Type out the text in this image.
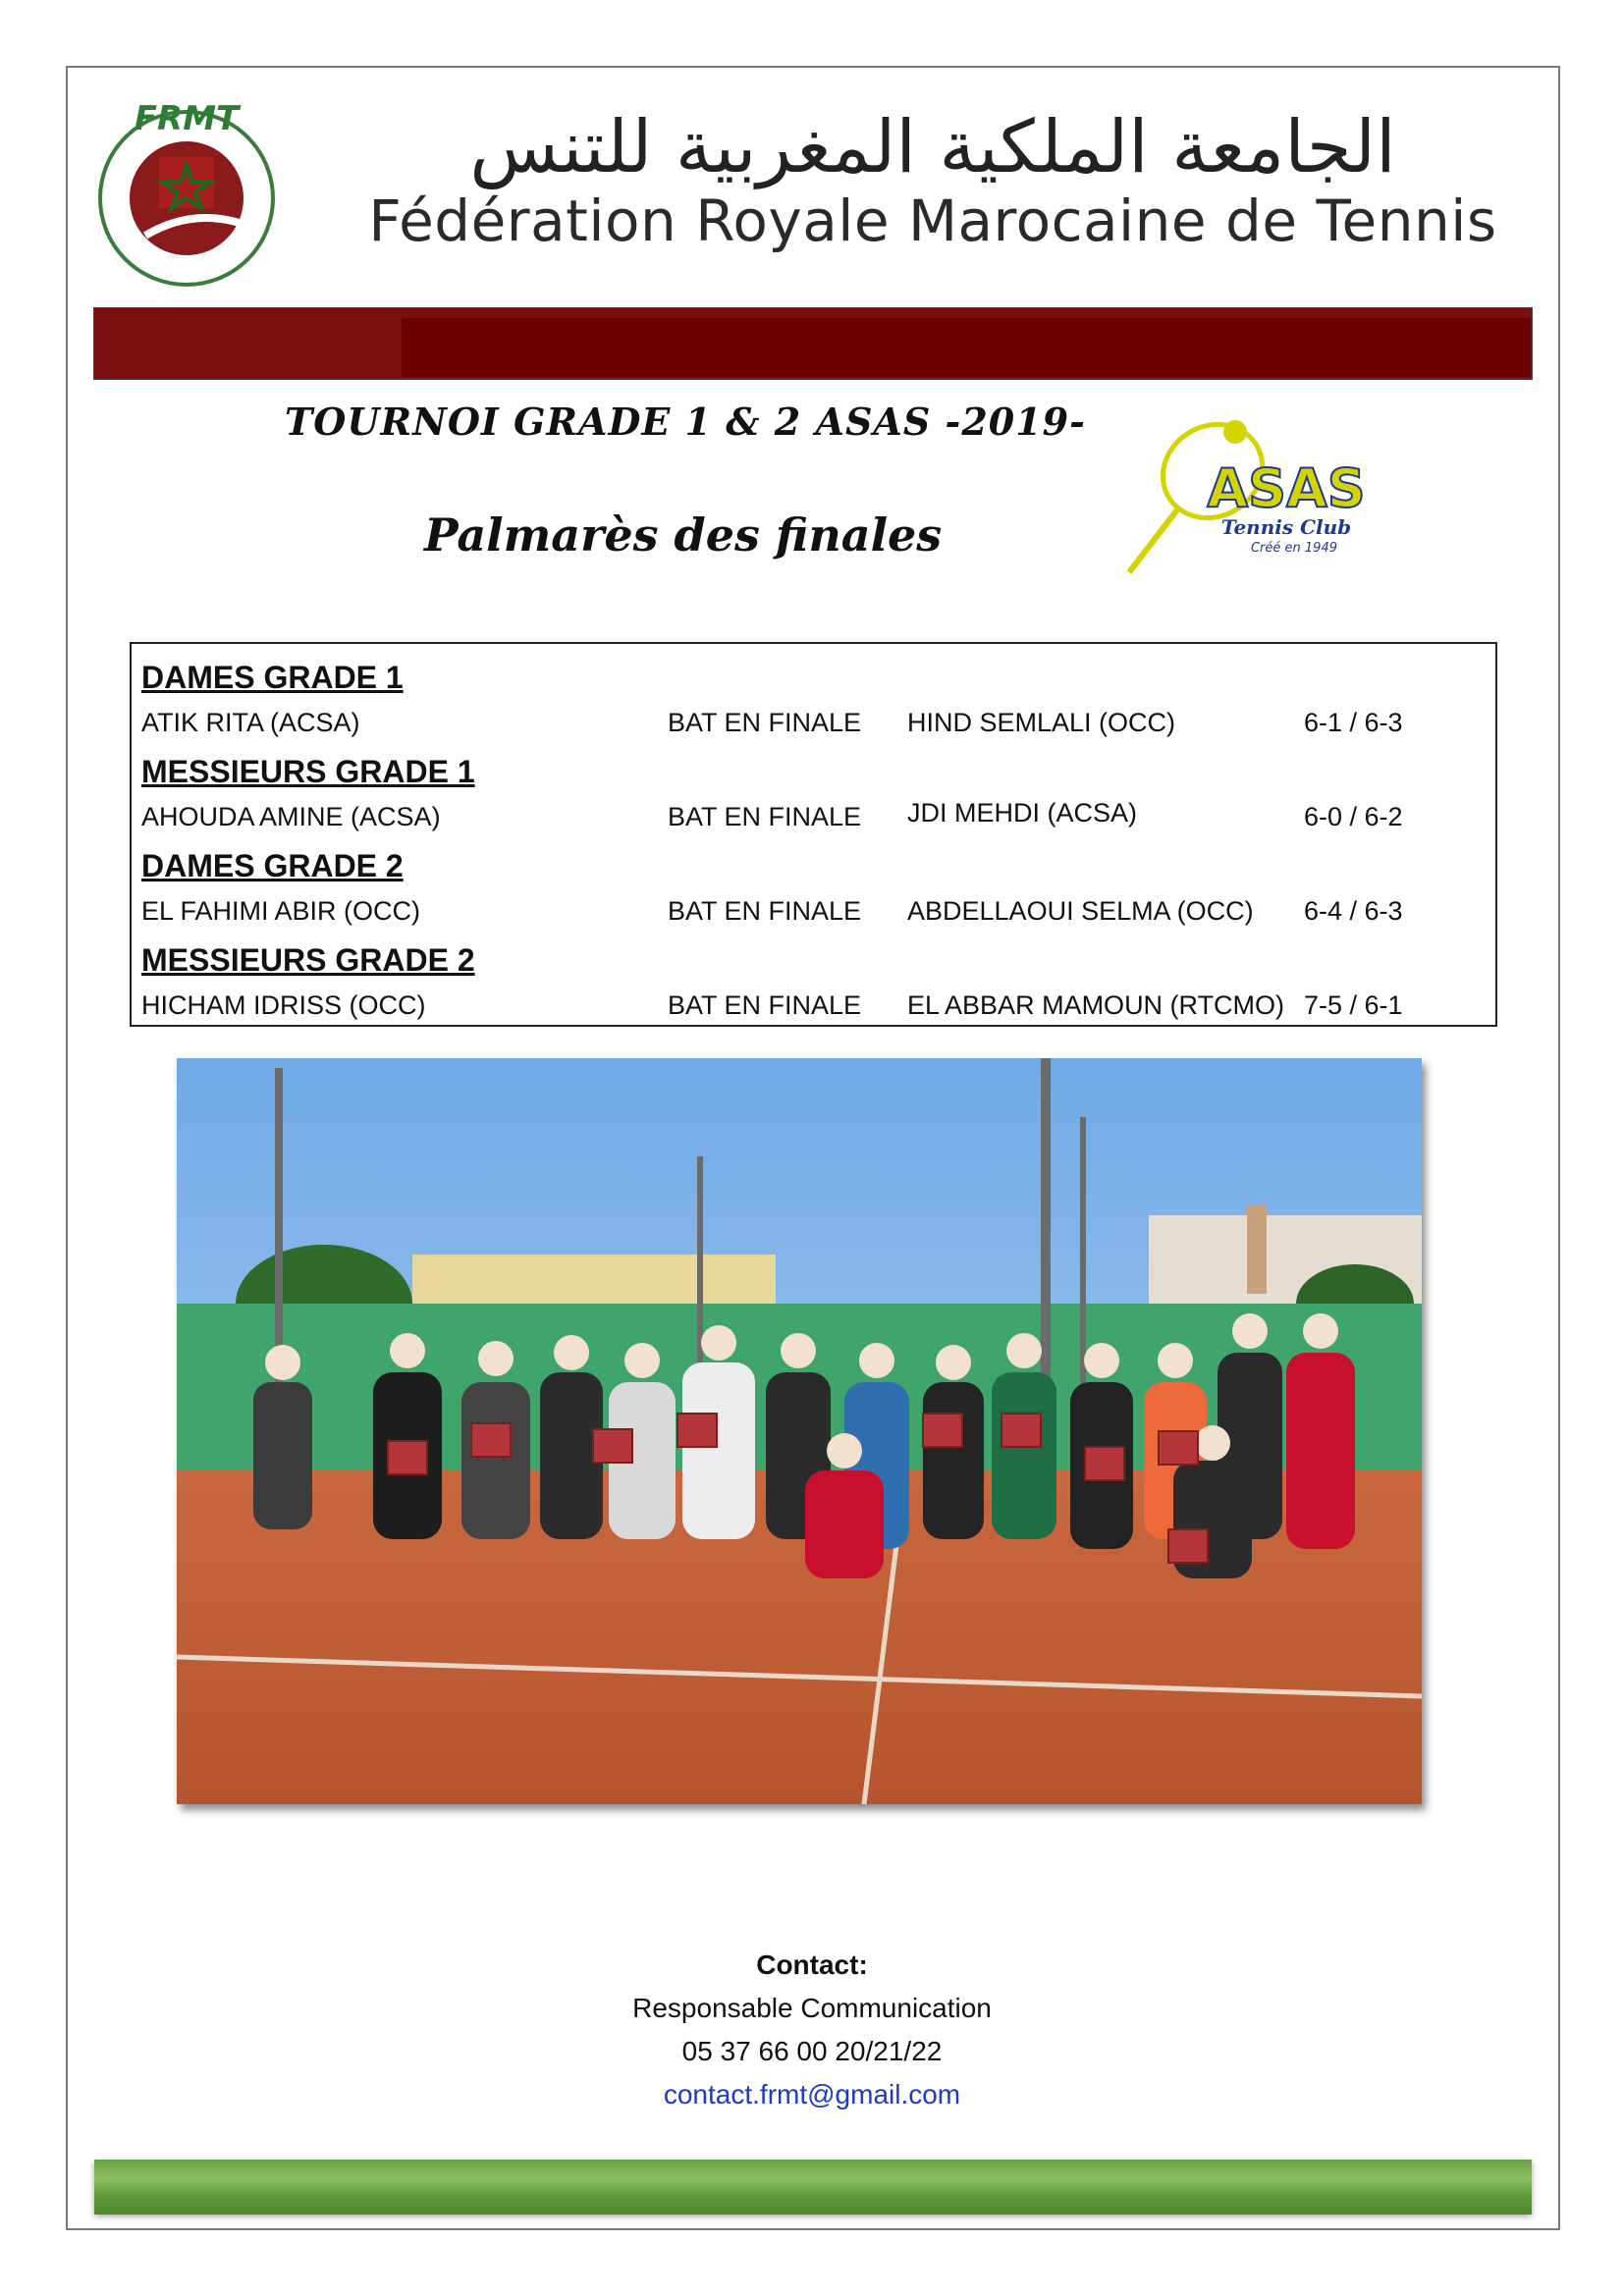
FRMT	الجامعة الملكية المغربية للتنس
Fédération Royale Marocaine de Tennis
COMMUNIQUÉ 12/02/2019
TOURNOI GRADE 1 & 2 ASAS -2019-
Palmarès des finales
ASAS
Tennis Club
Créé en 1949
DAMES GRADE 1
ATIK RITA (ACSA)	BAT EN FINALE HIND SEMLALI (OCC)	6-1 / 6-3
MESSIEURS GRADE 1
AHOUDA AMINE (ACSA)	BAT EN FINALE JDI MEHDI (ACSA)	6-0 / 6-2
DAMES GRADE 2
EL FAHIMI ABIR (OCC)	BAT EN FINALE ABDELLAOUI SELMA (OCC) 6-4 / 6-3
MESSIEURS GRADE 2
HICHAM IDRISS (OCC)	BAT EN FINALE EL ABBAR MAMOUN (RTCMO) 7-5 / 6-1
Contact:
Responsable Communication
05 37 66 00 20/21/22
contact.frmt@gmail.com
